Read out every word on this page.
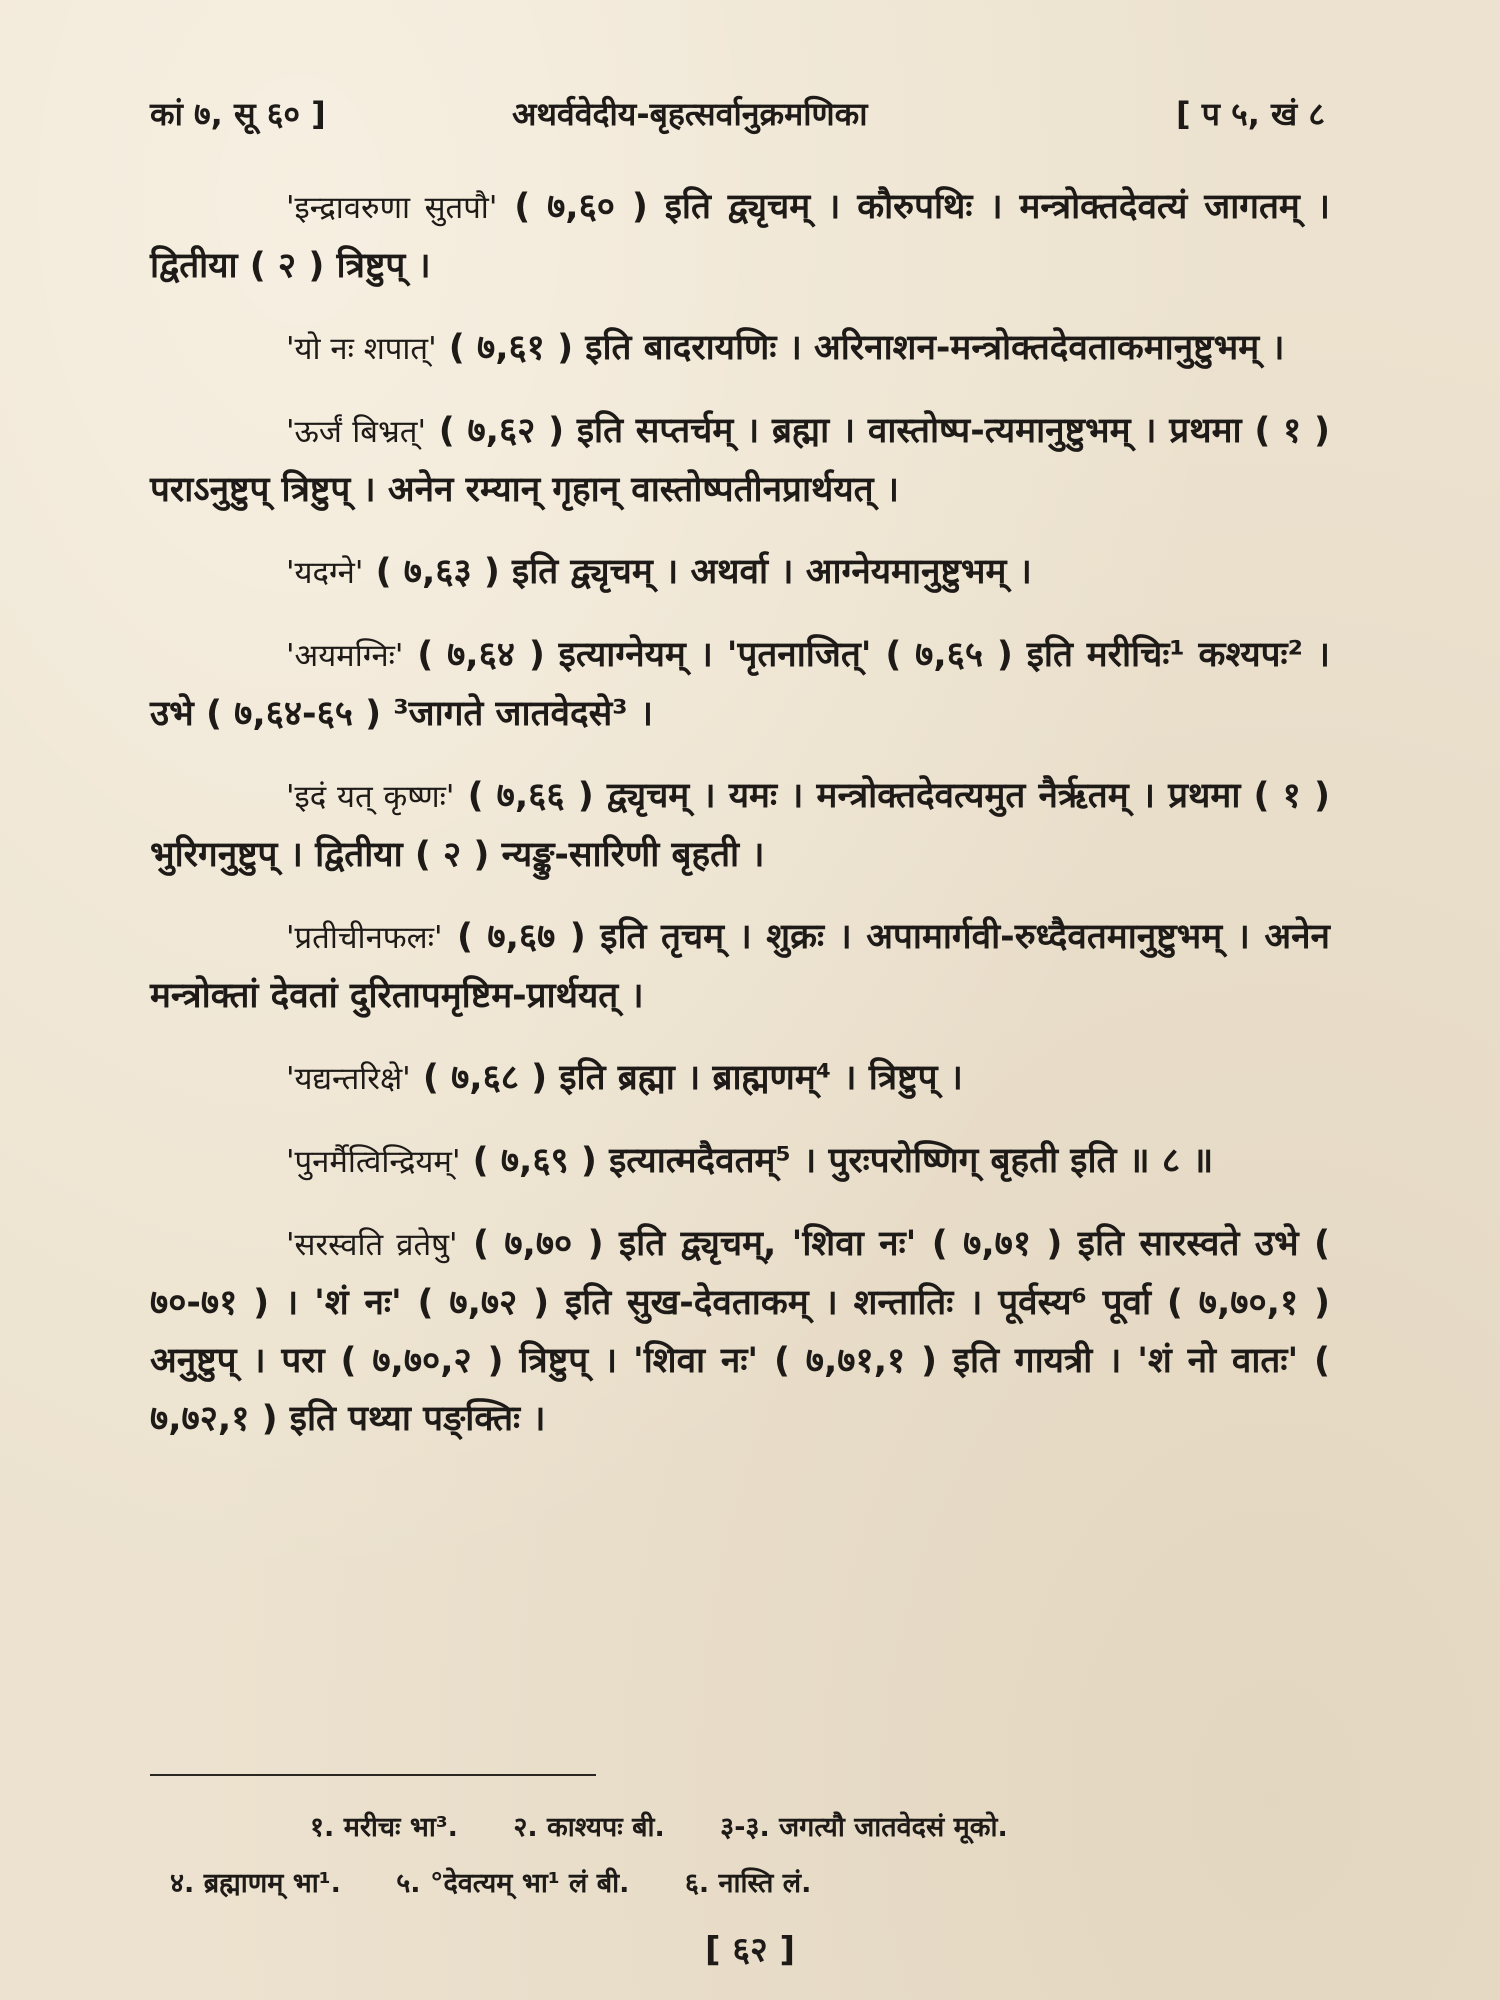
कां ७, सू ६० ]	अथर्ववेदीय-बृहत्सर्वानुक्रमणिका	[ प ५, खं ८

'इन्द्रावरुणा सुतपौ' ( ७,६० ) इति द्व्यृचम् । कौरुपथिः । मन्त्रोक्तदेवत्यं जागतम् । द्वितीया ( २ ) त्रिष्टुप् ।

'यो नः शपात्' ( ७,६१ ) इति बादरायणिः । अरिनाशन-मन्त्रोक्तदेवताकमानुष्टुभम् ।

'ऊर्जं बिभ्रत्' ( ७,६२ ) इति सप्तर्चम् । ब्रह्मा । वास्तोष्प-त्यमानुष्टुभम् । प्रथमा ( १ ) पराऽनुष्टुप् त्रिष्टुप् । अनेन रम्यान् गृहान् वास्तोष्पतीनप्रार्थयत् ।

'यदग्ने' ( ७,६३ ) इति द्व्यृचम् । अथर्वा । आग्नेयमानुष्टुभम् ।

'अयमग्निः' ( ७,६४ ) इत्याग्नेयम् । 'पृतनाजित्' ( ७,६५ ) इति मरीचिः¹ कश्यपः² । उभे ( ७,६४-६५ ) ³जागते जातवेदसे³ ।

'इदं यत् कृष्णः' ( ७,६६ ) द्व्यृचम् । यमः । मन्त्रोक्तदेवत्यमुत नैर्ऋतम् । प्रथमा ( १ ) भुरिगनुष्टुप् । द्वितीया ( २ ) न्यङ्कु-सारिणी बृहती ।

'प्रतीचीनफलः' ( ७,६७ ) इति तृचम् । शुक्रः । अपामार्गवी-रुध्दैवतमानुष्टुभम् । अनेन मन्त्रोक्तां देवतां दुरितापमृष्टिम-प्रार्थयत् ।

'यद्यन्तरिक्षे' ( ७,६८ ) इति ब्रह्मा । ब्राह्मणम्⁴ । त्रिष्टुप् ।

'पुनर्मैत्विन्द्रियम्' ( ७,६९ ) इत्यात्मदैवतम्⁵ । पुरःपरोष्णिग् बृहती इति ॥ ८ ॥

'सरस्वति व्रतेषु' ( ७,७० ) इति द्व्यृचम्, 'शिवा नः' ( ७,७१ ) इति सारस्वते उभे ( ७०-७१ ) । 'शं नः' ( ७,७२ ) इति सुख-देवताकम् । शन्तातिः । पूर्वस्य⁶ पूर्वा ( ७,७०,१ ) अनुष्टुप् । परा ( ७,७०,२ ) त्रिष्टुप् । 'शिवा नः' ( ७,७१,१ ) इति गायत्री । 'शं नो वातः' ( ७,७२,१ ) इति पथ्या पङ्क्तिः ।

१. मरीचः भा³. २. काश्यपः बी. ३-३. जगत्यौ जातवेदसं मूको.
४. ब्रह्माणम् भा¹. ५. °देवत्यम् भा¹ लं बी. ६. नास्ति लं.
[ ६२ ]
